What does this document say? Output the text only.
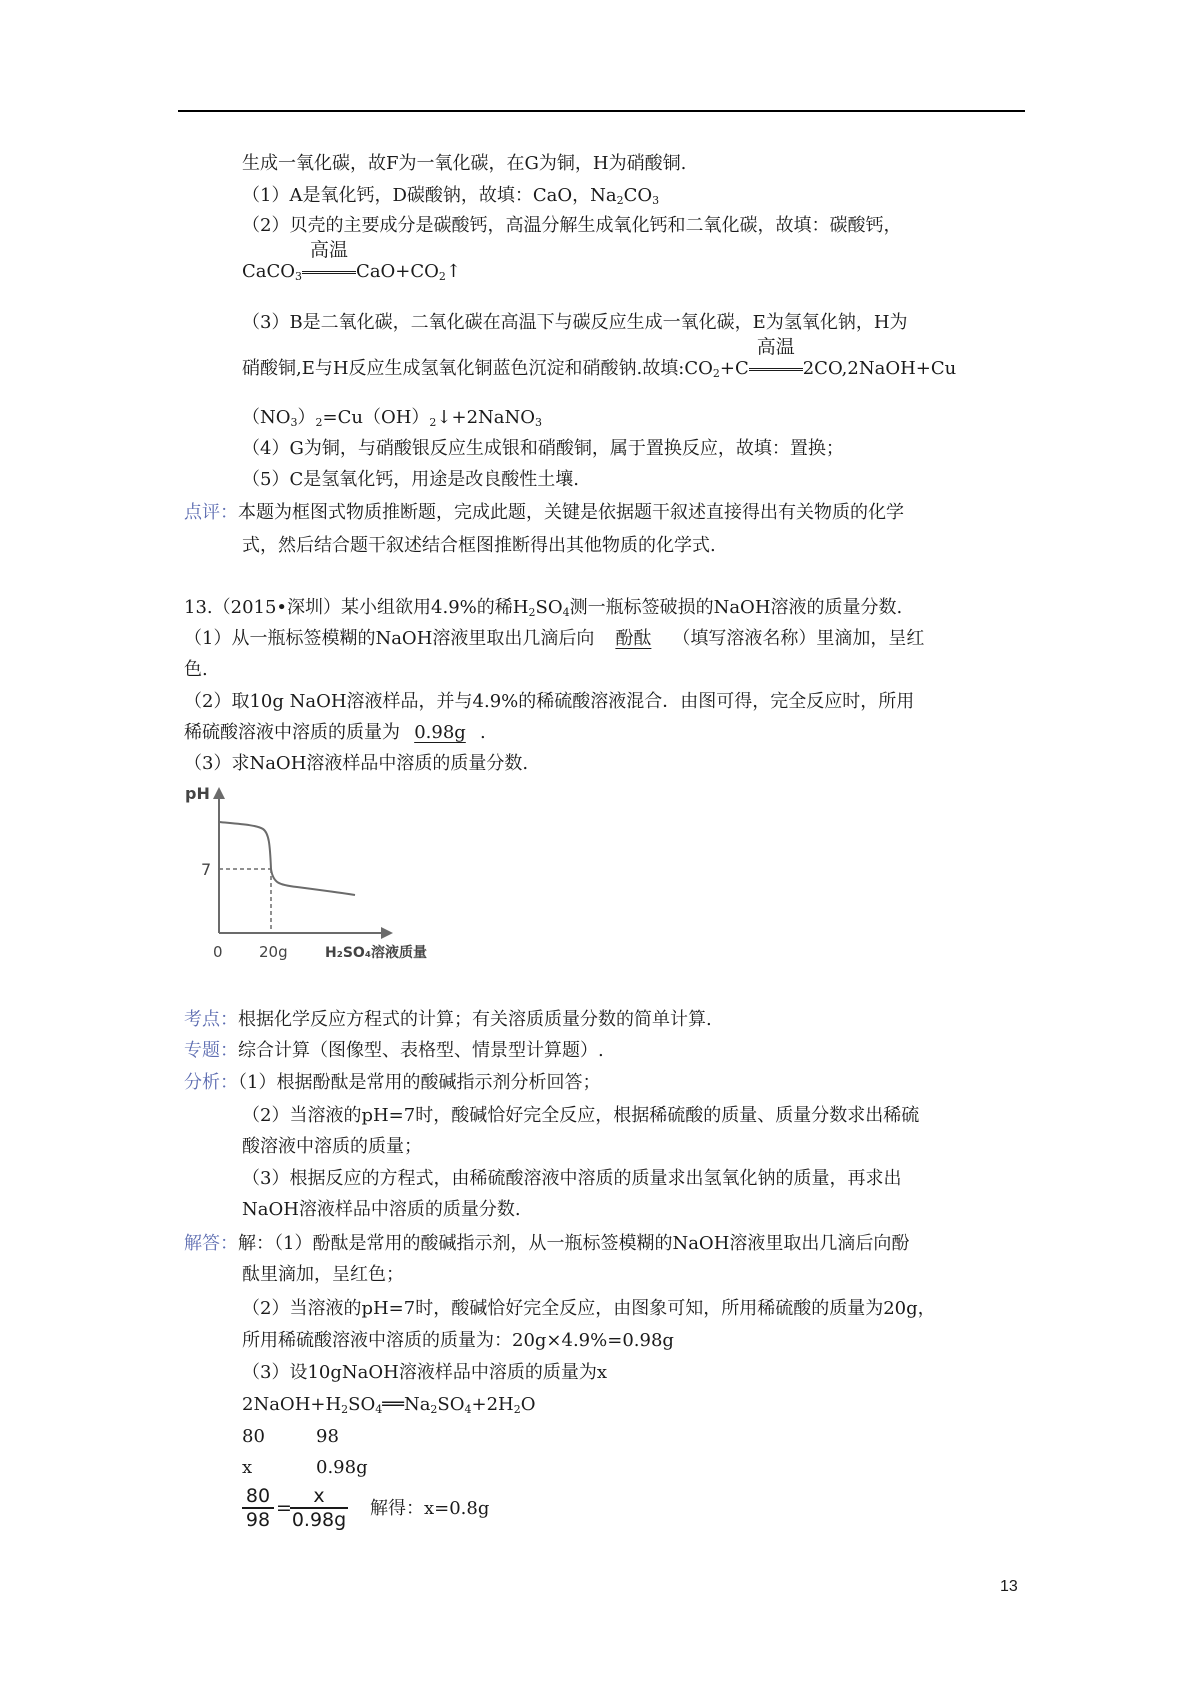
生成一氧化碳，故F为一氧化碳，在G为铜，H为硝酸铜.
（1）A是氧化钙，D碳酸钠，故填：CaO，$Na_2CO_3$
（2）贝壳的主要成分是碳酸钙，高温分解生成氧化钙和二氧化碳，故填：碳酸钙，
CaCO$_3$
高温
$CaO+CO_2↑$
（3）B是二氧化碳，二氧化碳在高温下与碳反应生成一氧化碳，E为氢氧化钠，H为
硝酸铜,E与H反应生成氢氧化铜蓝色沉淀和硝酸钠.故填$:CO_2+C$
高温
2CO,2NaOH+Cu
$(NO_3)_2=Cu(OH)_2↓+2NaNO_3$
（4）G为铜，与硝酸银反应生成银和硝酸铜，属于置换反应，故填：置换；
（5）C是氢氧化钙，用途是改良酸性土壤.
点评：本题为框图式物质推断题，完成此题，关键是依据题干叙述直接得出有关物质的化学
式，然后结合题干叙述结合框图推断得出其他物质的化学式.
13.（2015•深圳）某小组欲用4.9%的稀$H_2SO_4$测一瓶标签破损的NaOH溶液的质量分数.
（1）从一瓶标签模糊的NaOH溶液里取出几滴后向 酚酞 （填写溶液名称）里滴加，呈红
色.
（2）取10g NaOH溶液样品，并与4.9%的稀硫酸溶液混合．由图可得，完全反应时，所用
稀硫酸溶液中溶质的质量为 0.98g .
（3）求NaOH溶液样品中溶质的质量分数.
pH
7
0 20g	H₂SO₄溶液质量
考点：根据化学反应方程式的计算；有关溶质质量分数的简单计算.
专题：综合计算（图像型、表格型、情景型计算题）.
分析：（1）根据酚酞是常用的酸碱指示剂分析回答；
（2）当溶液的pH=7时，酸碱恰好完全反应，根据稀硫酸的质量、质量分数求出稀硫
酸溶液中溶质的质量；
（3）根据反应的方程式，由稀硫酸溶液中溶质的质量求出氢氧化钠的质量，再求出
NaOH溶液样品中溶质的质量分数.
解答：解：（1）酚酞是常用的酸碱指示剂，从一瓶标签模糊的NaOH溶液里取出几滴后向酚
酞里滴加，呈红色；
（2）当溶液的pH=7时，酸碱恰好完全反应，由图象可知，所用稀硫酸的质量为20g，
所用稀硫酸溶液中溶质的质量为：20g×4.9%=0.98g
（3）设10gNaOH溶液样品中溶质的质量为x
$2NaOH+H_2SO_4══Na_2SO_4+2H_2O$
80	98
x	0.98g
$\frac{80}{98}$ =
$\frac{x}{0.98g}$ 解得：x=0.8g
13
